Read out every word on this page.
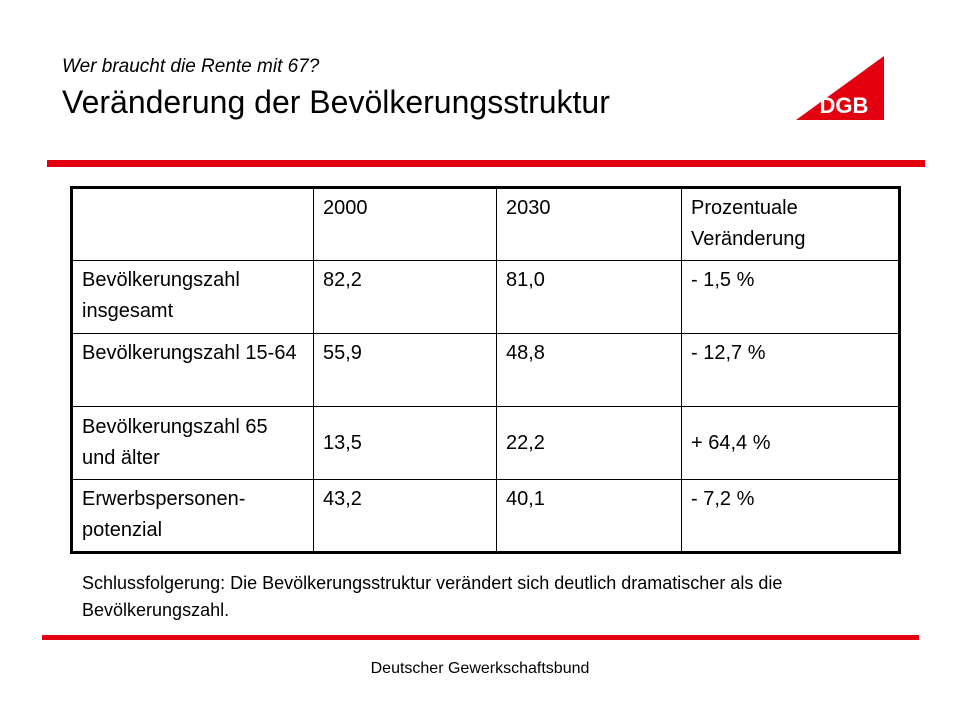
Wer braucht die Rente mit 67?
Veränderung der Bevölkerungsstruktur	DGB
	2000	2030	Prozentuale Veränderung
Bevölkerungszahl insgesamt	82,2	81,0	- 1,5 %
Bevölkerungszahl 15-64	55,9	48,8	- 12,7 %
Bevölkerungszahl 65 und älter	13,5	22,2	+ 64,4 %
Erwerbspersonen-potenzial	43,2	40,1	- 7,2 %
Schlussfolgerung: Die Bevölkerungsstruktur verändert sich deutlich dramatischer als die Bevölkerungszahl.
Deutscher Gewerkschaftsbund
